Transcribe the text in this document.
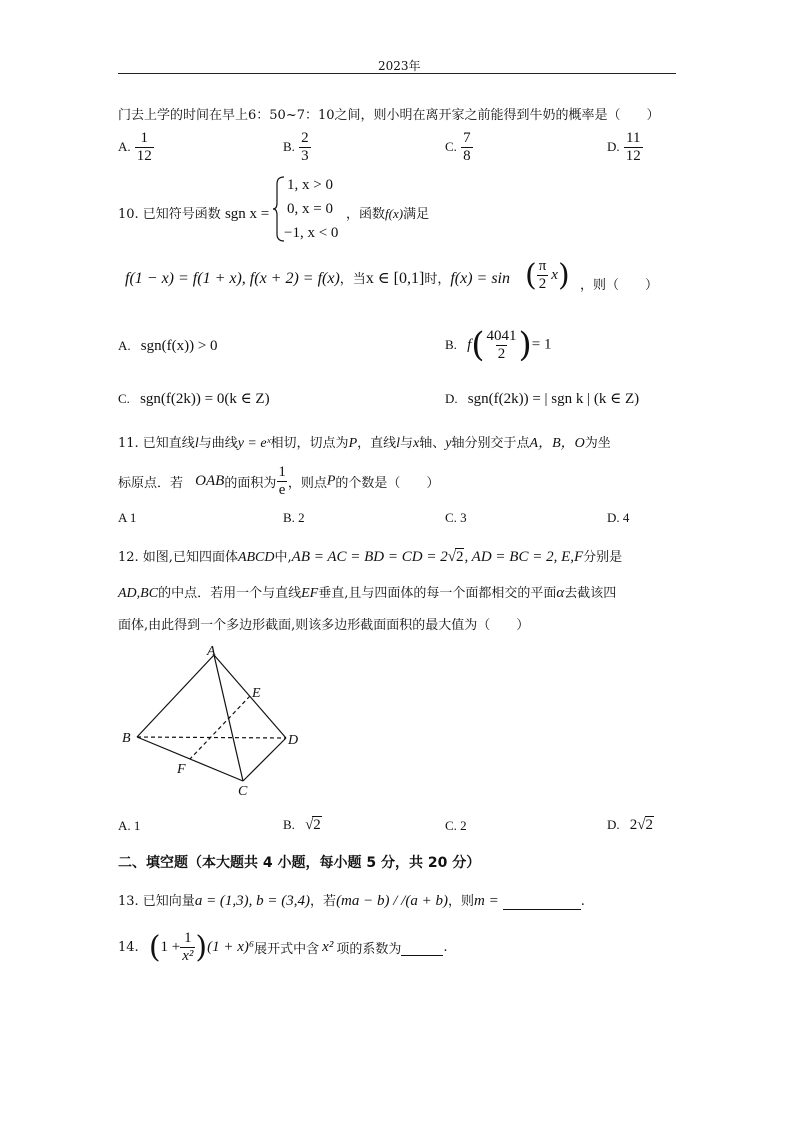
2023年
门去上学的时间在早上6：50~7：10之间，则小明在离开家之前能得到牛奶的概率是（　　）
A. $\frac{1}{12}$	B. $\frac{2}{3}$	C. $\frac{7}{8}$	D. $\frac{11}{12}$
10. 已知符号函数 sgn x =
1, x > 0
0, x = 0
−1, x < 0
，函数f(x)满足
f(1 − x) = f(1 + x), f(x + 2) = f(x)，当x ∈ [0,1]时，f(x) = sin ( $\frac{\pi}{2} x$) ，则（　　）
A. sgn(f(x)) > 0	B. $f( \frac{4041}{2}$ )= 1
C. sgn(f(2k)) = 0(k ∈ Z)	D. sgn(f(2k)) = | sgn k | (k ∈ Z)
11. 已知直线l与曲线y = eˣ相切，切点为P，直线l与x轴、y轴分别交于点A，B，O为坐
标原点．若 OAB的面积为 $\frac{1}{e}$ ，则点P的个数是（　　）
A 1	B. 2	C. 3	D. 4
12. 如图,已知四面体ABCD中,AB = AC = BD = CD = 2√2, AD = BC = 2, E,F分别是
AD,BC的中点．若用一个与直线EF垂直,且与四面体的每一个面都相交的平面α去截该四
面体,由此得到一个多边形截面,则该多边形截面面积的最大值为（　　）
A
B
C
D
E
F
A. 1	B. √2	C. 2	D. 2√2
二、填空题（本大题共 4 小题，每小题 5 分，共 20 分）
13. 已知向量a = (1,3), b = (3,4)，若(ma − b) / /(a + b)，则m =	.
14. $(1 + \frac{1}{\text{x²}} )(1 + x)^6$展开式中含 x² 项的系数为	.
